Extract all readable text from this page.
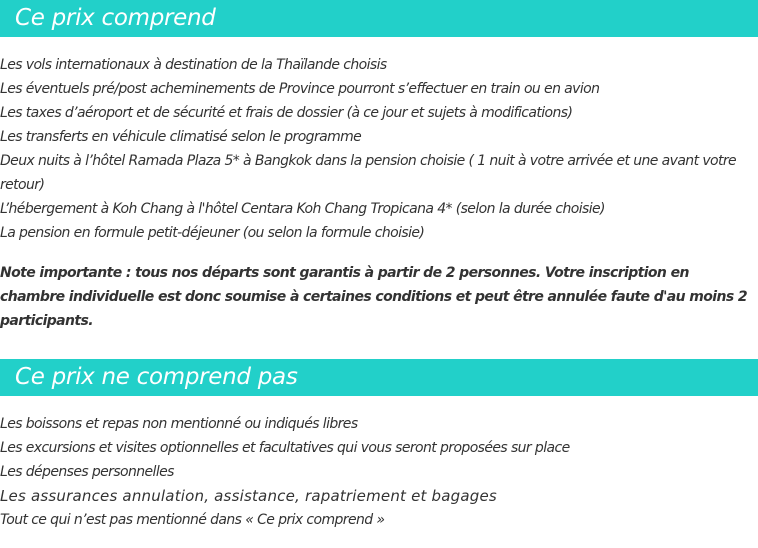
Ce prix comprend
Les vols internationaux à destination de la Thaïlande choisis
Les éventuels pré/post acheminements de Province pourront s’effectuer en train ou en avion
Les taxes d’aéroport et de sécurité et frais de dossier (à ce jour et sujets à modifications)
Les transferts en véhicule climatisé selon le programme
Deux nuits à l’hôtel Ramada Plaza 5* à Bangkok dans la pension choisie ( 1 nuit à votre arrivée et une avant votre retour)
L’hébergement à Koh Chang à l'hôtel Centara Koh Chang Tropicana 4* (selon la durée choisie)
La pension en formule petit-déjeuner (ou selon la formule choisie)
Note importante : tous nos départs sont garantis à partir de 2 personnes. Votre inscription en chambre individuelle est donc soumise à certaines conditions et peut être annulée faute d'au moins 2 participants.
Ce prix ne comprend pas
Les boissons et repas non mentionné ou indiqués libres
Les excursions et visites optionnelles et facultatives qui vous seront proposées sur place
Les dépenses personnelles
Les assurances annulation, assistance, rapatriement et bagages
Tout ce qui n’est pas mentionné dans « Ce prix comprend »
